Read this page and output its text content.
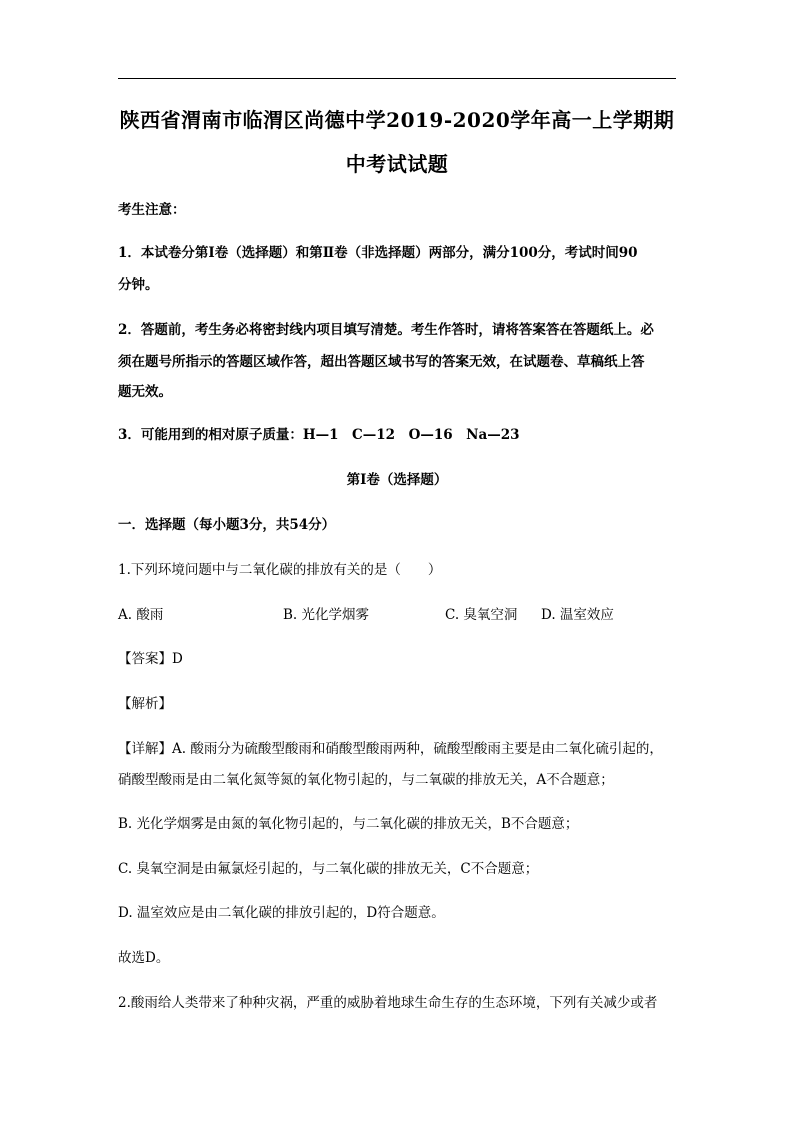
陕西省渭南市临渭区尚德中学2019-2020学年高一上学期期
中考试试题
考生注意：
1．本试卷分第Ⅰ卷（选择题）和第Ⅱ卷（非选择题）两部分，满分100分，考试时间90
分钟。
2．答题前，考生务必将密封线内项目填写清楚。考生作答时，请将答案答在答题纸上。必
须在题号所指示的答题区域作答，超出答题区域书写的答案无效，在试题卷、草稿纸上答
题无效。
3．可能用到的相对原子质量：H—1　C—12　O—16　Na—23
第Ⅰ卷（选择题）
一．选择题（每小题3分，共54分）
1.下列环境问题中与二氧化碳的排放有关的是（　　）
A. 酸雨	B. 光化学烟雾	C. 臭氧空洞 D. 温室效应
【答案】D
【解析】
【详解】A. 酸雨分为硫酸型酸雨和硝酸型酸雨两种，硫酸型酸雨主要是由二氧化硫引起的，
硝酸型酸雨是由二氧化氮等氮的氧化物引起的，与二氧碳的排放无关，A不合题意；
B. 光化学烟雾是由氮的氧化物引起的，与二氧化碳的排放无关，B不合题意；
C. 臭氧空洞是由氟氯烃引起的，与二氧化碳的排放无关，C不合题意；
D. 温室效应是由二氧化碳的排放引起的，D符合题意。
故选D。
2.酸雨给人类带来了种种灾祸，严重的威胁着地球生命生存的生态环境，下列有关减少或者
